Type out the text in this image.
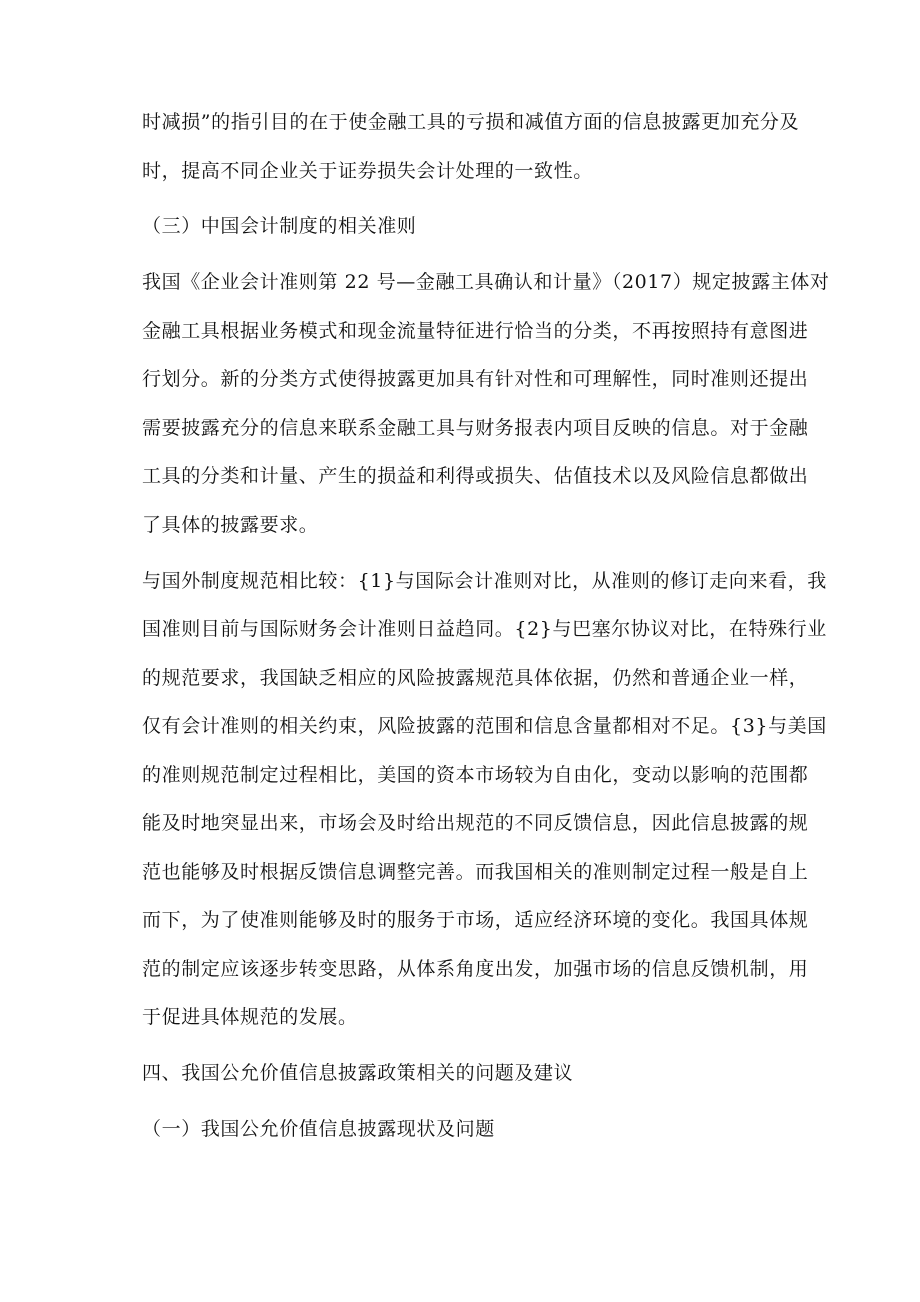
时减损”的指引目的在于使金融工具的亏损和减值方面的信息披露更加充分及
时，提高不同企业关于证券损失会计处理的一致性。
（三）中国会计制度的相关准则
我国《企业会计准则第 22 号—金融工具确认和计量》（2017）规定披露主体对
金融工具根据业务模式和现金流量特征进行恰当的分类，不再按照持有意图进
行划分。新的分类方式使得披露更加具有针对性和可理解性，同时准则还提出
需要披露充分的信息来联系金融工具与财务报表内项目反映的信息。对于金融
工具的分类和计量、产生的损益和利得或损失、估值技术以及风险信息都做出
了具体的披露要求。
与国外制度规范相比较：{1}与国际会计准则对比，从准则的修订走向来看，我
国准则目前与国际财务会计准则日益趋同。{2}与巴塞尔协议对比，在特殊行业
的规范要求，我国缺乏相应的风险披露规范具体依据，仍然和普通企业一样，
仅有会计准则的相关约束，风险披露的范围和信息含量都相对不足。{3}与美国
的准则规范制定过程相比，美国的资本市场较为自由化，变动以影响的范围都
能及时地突显出来，市场会及时给出规范的不同反馈信息，因此信息披露的规
范也能够及时根据反馈信息调整完善。而我国相关的准则制定过程一般是自上
而下，为了使准则能够及时的服务于市场，适应经济环境的变化。我国具体规
范的制定应该逐步转变思路，从体系角度出发，加强市场的信息反馈机制，用
于促进具体规范的发展。
四、我国公允价值信息披露政策相关的问题及建议
（一）我国公允价值信息披露现状及问题
